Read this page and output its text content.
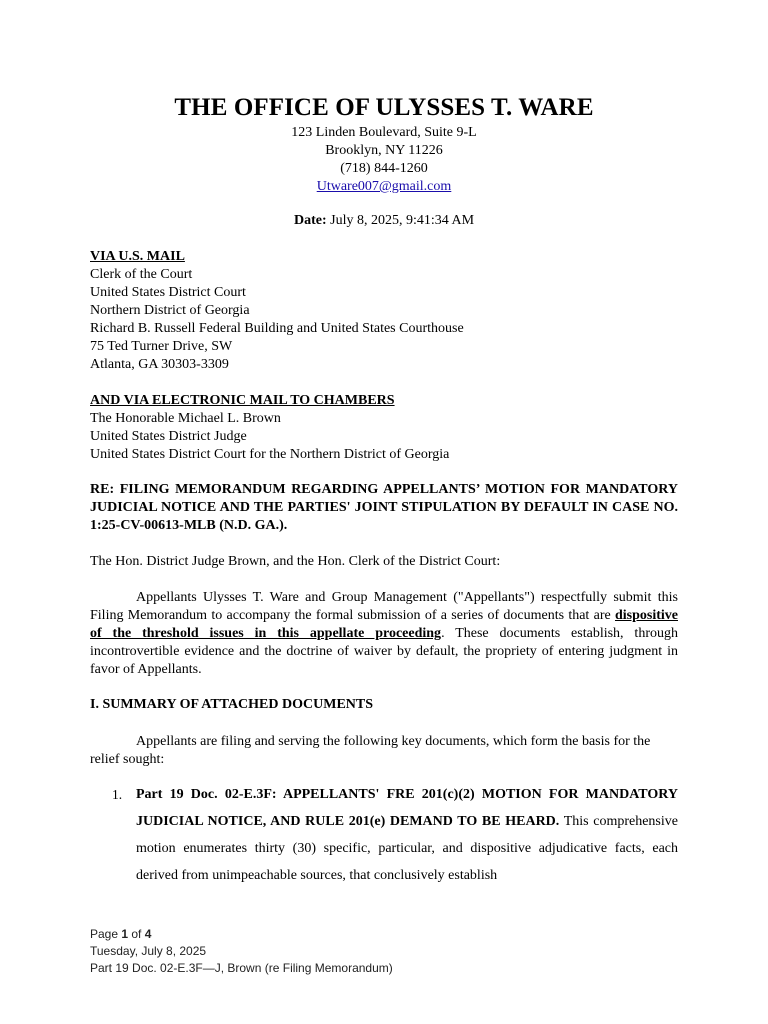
THE OFFICE OF ULYSSES T. WARE
123 Linden Boulevard, Suite 9-L
Brooklyn, NY 11226
(718) 844-1260
Utware007@gmail.com
Date: July 8, 2025, 9:41:34 AM
VIA U.S. MAIL
Clerk of the Court
United States District Court
Northern District of Georgia
Richard B. Russell Federal Building and United States Courthouse
75 Ted Turner Drive, SW
Atlanta, GA 30303-3309
AND VIA ELECTRONIC MAIL TO CHAMBERS
The Honorable Michael L. Brown
United States District Judge
United States District Court for the Northern District of Georgia
RE: FILING MEMORANDUM REGARDING APPELLANTS’ MOTION FOR MANDATORY JUDICIAL NOTICE AND THE PARTIES' JOINT STIPULATION BY DEFAULT IN CASE NO. 1:25-CV-00613-MLB (N.D. GA.).
The Hon. District Judge Brown, and the Hon. Clerk of the District Court:
Appellants Ulysses T. Ware and Group Management ("Appellants") respectfully submit this Filing Memorandum to accompany the formal submission of a series of documents that are dispositive of the threshold issues in this appellate proceeding. These documents establish, through incontrovertible evidence and the doctrine of waiver by default, the propriety of entering judgment in favor of Appellants.
I. SUMMARY OF ATTACHED DOCUMENTS
Appellants are filing and serving the following key documents, which form the basis for the relief sought:
1. Part 19 Doc. 02-E.3F: APPELLANTS' FRE 201(c)(2) MOTION FOR MANDATORY JUDICIAL NOTICE, AND RULE 201(e) DEMAND TO BE HEARD. This comprehensive motion enumerates thirty (30) specific, particular, and dispositive adjudicative facts, each derived from unimpeachable sources, that conclusively establish
Page 1 of 4
Tuesday, July 8, 2025
Part 19 Doc. 02-E.3F—J, Brown (re Filing Memorandum)
